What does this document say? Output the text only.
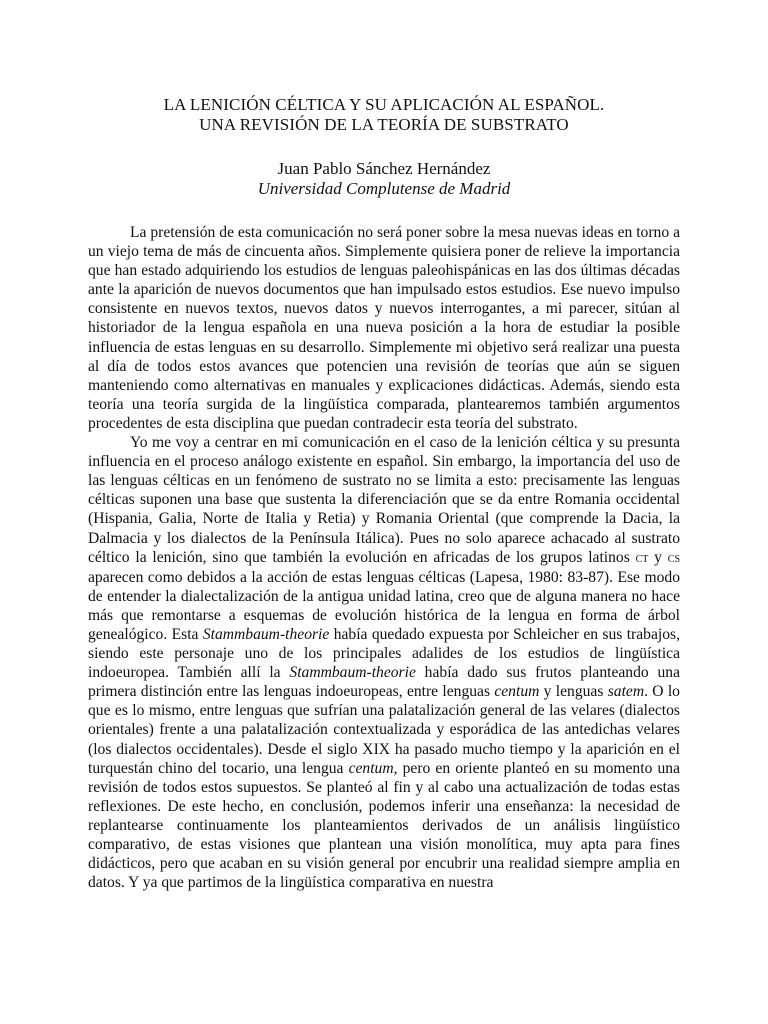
LA LENICIÓN CÉLTICA Y SU APLICACIÓN AL ESPAÑOL.
UNA REVISIÓN DE LA TEORÍA DE SUBSTRATO
Juan Pablo Sánchez Hernández
Universidad Complutense de Madrid

La pretensión de esta comunicación no será poner sobre la mesa nuevas ideas en torno a un viejo tema de más de cincuenta años. Simplemente quisiera poner de relieve la importancia que han estado adquiriendo los estudios de lenguas paleohispánicas en las dos últimas décadas ante la aparición de nuevos documentos que han impulsado estos estudios. Ese nuevo impulso consistente en nuevos textos, nuevos datos y nuevos interrogantes, a mi parecer, sitúan al historiador de la lengua española en una nueva posición a la hora de estudiar la posible influencia de estas lenguas en su desarrollo. Simplemente mi objetivo será realizar una puesta al día de todos estos avances que potencien una revisión de teorías que aún se siguen manteniendo como alternativas en manuales y explicaciones didácticas. Además, siendo esta teoría una teoría surgida de la lingüística comparada, plantearemos también argumentos procedentes de esta disciplina que puedan contradecir esta teoría del substrato.

Yo me voy a centrar en mi comunicación en el caso de la lenición céltica y su presunta influencia en el proceso análogo existente en español. Sin embargo, la importancia del uso de las lenguas célticas en un fenómeno de sustrato no se limita a esto: precisamente las lenguas célticas suponen una base que sustenta la diferenciación que se da entre Romania occidental (Hispania, Galia, Norte de Italia y Retia) y Romania Oriental (que comprende la Dacia, la Dalmacia y los dialectos de la Península Itálica). Pues no solo aparece achacado al sustrato céltico la lenición, sino que también la evolución en africadas de los grupos latinos ct y cs aparecen como debidos a la acción de estas lenguas célticas (Lapesa, 1980: 83-87). Ese modo de entender la dialectalización de la antigua unidad latina, creo que de alguna manera no hace más que remontarse a esquemas de evolución histórica de la lengua en forma de árbol genealógico. Esta Stammbaum-theorie había quedado expuesta por Schleicher en sus trabajos, siendo este personaje uno de los principales adalides de los estudios de lingüística indoeuropea. También allí la Stammbaum-theorie había dado sus frutos planteando una primera distinción entre las lenguas indoeuropeas, entre lenguas centum y lenguas satem. O lo que es lo mismo, entre lenguas que sufrían una palatalización general de las velares (dialectos orientales) frente a una palatalización contextualizada y esporádica de las antedichas velares (los dialectos occidentales). Desde el siglo XIX ha pasado mucho tiempo y la aparición en el turquestán chino del tocario, una lengua centum, pero en oriente planteó en su momento una revisión de todos estos supuestos. Se planteó al fin y al cabo una actualización de todas estas reflexiones. De este hecho, en conclusión, podemos inferir una enseñanza: la necesidad de replantearse continuamente los planteamientos derivados de un análisis lingüístico comparativo, de estas visiones que plantean una visión monolítica, muy apta para fines didácticos, pero que acaban en su visión general por encubrir una realidad siempre amplia en datos. Y ya que partimos de la lingüística comparativa en nuestra
